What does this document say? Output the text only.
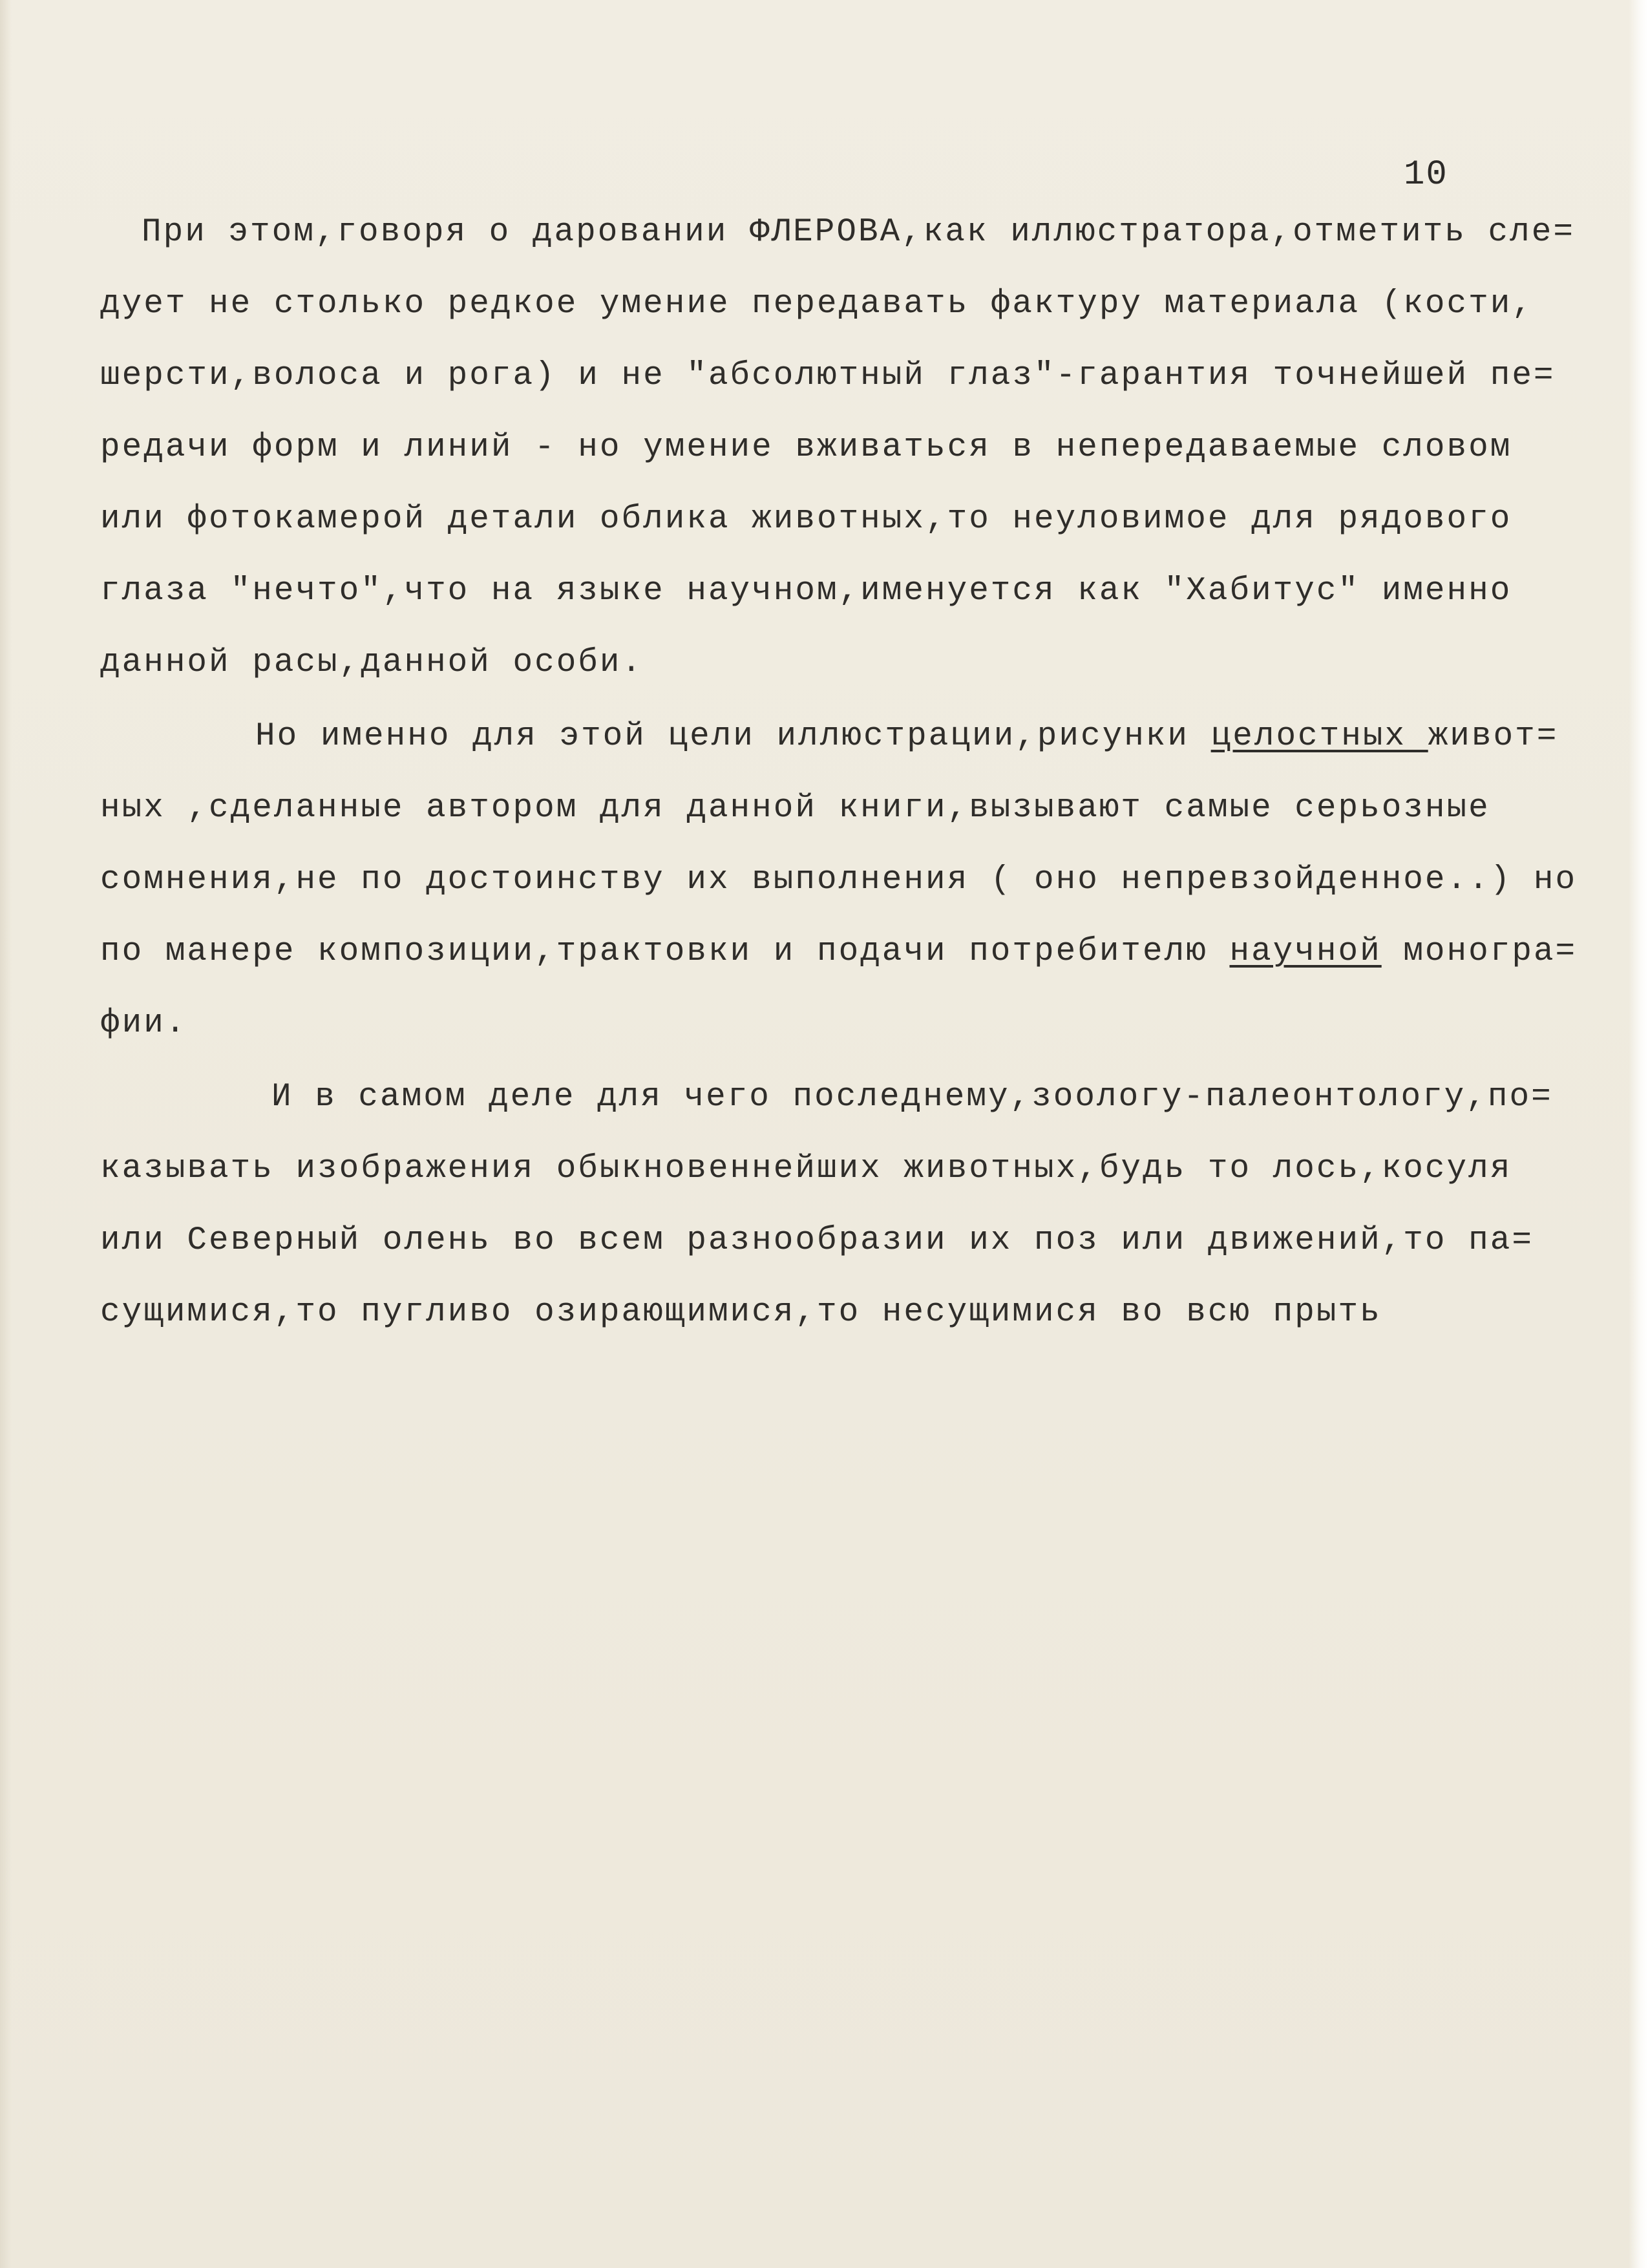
10
При этом,говоря о даровании ФЛЕРОВА,как иллюстратора,отметить сле=
дует не столько редкое умение передавать фактуру материала (кости,
шерсти,волоса и рога) и не "абсолютный глаз"-гарантия точнейшей пе=
редачи форм и линий - но умение вживаться в непередаваемые словом
или фотокамерой детали облика животных,то неуловимое для рядового
глаза "нечто",что на языке научном,именуется как "Хабитус" именно
данной расы,данной особи.
Но именно для этой цели иллюстрации,рисунки целостных живот=
ных ,сделанные автором для данной книги,вызывают самые серьозные
сомнения,не по достоинству их выполнения ( оно непревзойденное..) но
по манере композиции,трактовки и подачи потребителю научной моногра=
фии.
И в самом деле для чего последнему,зоологу-палеонтологу,по=
казывать изображения обыкновеннейших животных,будь то лось,косуля
или Северный олень во всем разнообразии их поз или движений,то па=
сущимися,то пугливо озирающимися,то несущимися во всю прыть
